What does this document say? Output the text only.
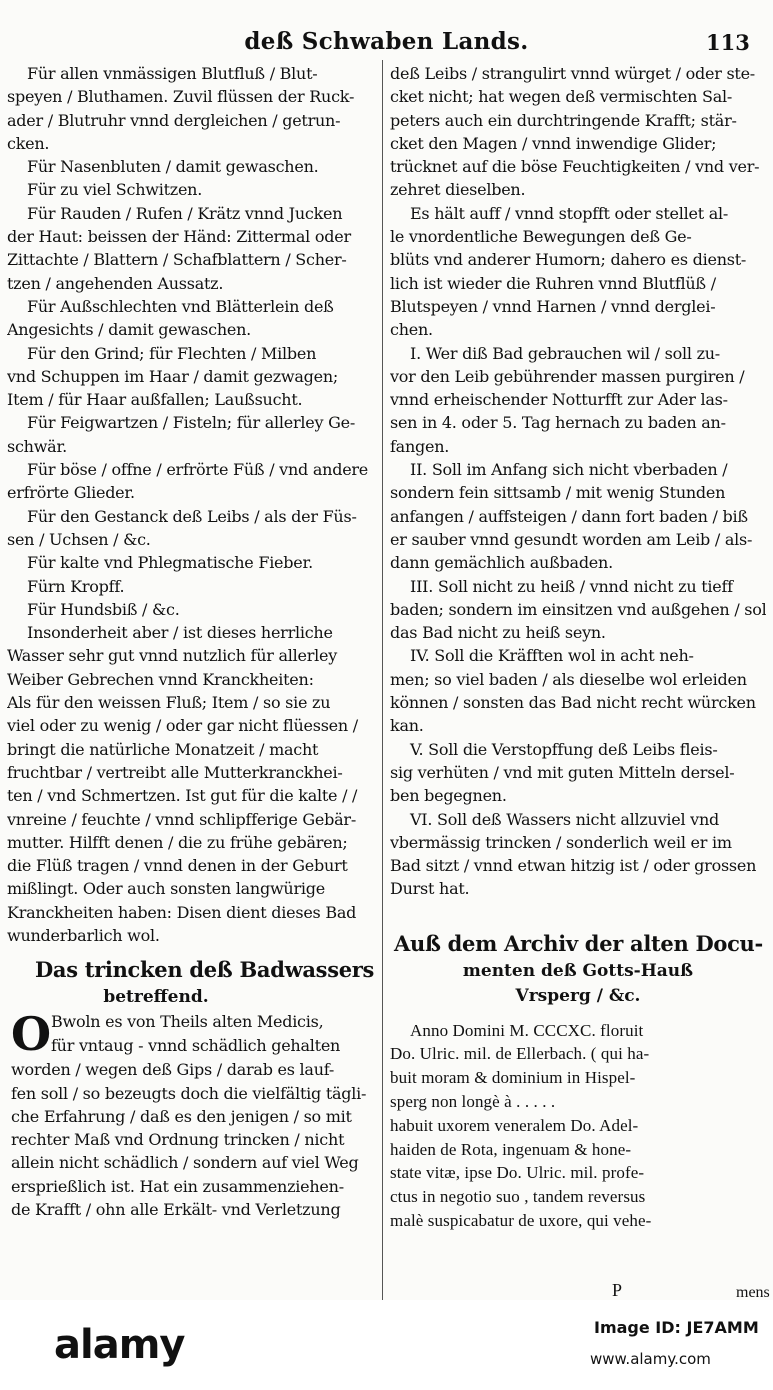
deß Schwaben Lands.	113
Für allen vnmässigen Blutfluß / Blut-
speyen / Bluthamen. Zuvil flüssen der Ruck-
ader / Blutruhr vnnd dergleichen / getrun-
cken.
Für Nasenbluten / damit gewaschen.
Für zu viel Schwitzen.
Für Rauden / Rufen / Krätz vnnd Jucken
der Haut: beissen der Händ: Zittermal oder
Zittachte / Blattern / Schafblattern / Scher-
tzen / angehenden Aussatz.
Für Außschlechten vnd Blätterlein deß
Angesichts / damit gewaschen.
Für den Grind; für Flechten / Milben
vnd Schuppen im Haar / damit gezwagen;
Item / für Haar außfallen; Laußsucht.
Für Feigwartzen / Fisteln; für allerley Ge-
schwär.
Für böse / offne / erfrörte Füß / vnd andere
erfrörte Glieder.
Für den Gestanck deß Leibs / als der Füs-
sen / Uchsen / &c.
Für kalte vnd Phlegmatische Fieber.
Fürn Kropff.
Für Hundsbiß / &c.
Insonderheit aber / ist dieses herrliche
Wasser sehr gut vnnd nutzlich für allerley
Weiber Gebrechen vnnd Kranckheiten:
Als für den weissen Fluß; Item / so sie zu
viel oder zu wenig / oder gar nicht flüessen /
bringt die natürliche Monatzeit / macht
fruchtbar / vertreibt alle Mutterkranckhei-
ten / vnd Schmertzen. Ist gut für die kalte / /
vnreine / feuchte / vnnd schlipfferige Gebär-
mutter. Hilfft denen / die zu frühe gebären;
die Flüß tragen / vnnd denen in der Geburt
mißlingt. Oder auch sonsten langwürige
Kranckheiten haben: Disen dient dieses Bad
wunderbarlich wol.
Das trincken deß Badwassers
betreffend.
O Bwoln es von Theils alten Medicis,
für vntaug - vnnd schädlich gehalten
worden / wegen deß Gips / darab es lauf-
fen soll / so bezeugts doch die vielfältig tägli-
che Erfahrung / daß es den jenigen / so mit
rechter Maß vnd Ordnung trincken / nicht
allein nicht schädlich / sondern auf viel Weg
ersprießlich ist. Hat ein zusammenziehen-
de Krafft / ohn alle Erkält- vnd Verletzung
deß Leibs / strangulirt vnnd würget / oder ste-
cket nicht; hat wegen deß vermischten Sal-
peters auch ein durchtringende Krafft; stär-
cket den Magen / vnnd inwendige Glider;
trücknet auf die böse Feuchtigkeiten / vnd ver-
zehret dieselben.
Es hält auff / vnnd stopfft oder stellet al-
le vnordentliche Bewegungen deß Ge-
blüts vnd anderer Humorn; dahero es dienst-
lich ist wieder die Ruhren vnnd Blutflüß /
Blutspeyen / vnnd Harnen / vnnd derglei-
chen.
I. Wer diß Bad gebrauchen wil / soll zu-
vor den Leib gebührender massen purgiren /
vnnd erheischender Notturfft zur Ader las-
sen in 4. oder 5. Tag hernach zu baden an-
fangen.
II. Soll im Anfang sich nicht vberbaden /
sondern fein sittsamb / mit wenig Stunden
anfangen / auffsteigen / dann fort baden / biß
er sauber vnnd gesundt worden am Leib / als-
dann gemächlich außbaden.
III. Soll nicht zu heiß / vnnd nicht zu tieff
baden; sondern im einsitzen vnd außgehen / sol
das Bad nicht zu heiß seyn.
IV. Soll die Kräfften wol in acht neh-
men; so viel baden / als dieselbe wol erleiden
können / sonsten das Bad nicht recht würcken
kan.
V. Soll die Verstopffung deß Leibs fleis-
sig verhüten / vnd mit guten Mitteln dersel-
ben begegnen.
VI. Soll deß Wassers nicht allzuviel vnd
vbermässig trincken / sonderlich weil er im
Bad sitzt / vnnd etwan hitzig ist / oder grossen
Durst hat.
Auß dem Archiv der alten Docu-
menten deß Gotts-Hauß
Vrsperg / &c.
Anno Domini M. CCCXC. floruit
Do. Ulric. mil. de Ellerbach. ( qui ha-
buit moram & dominium in Hispel-
sperg non longè à . . . . .
habuit uxorem veneralem Do. Adel-
haiden de Rota, ingenuam & hone-
state vitæ, ipse Do. Ulric. mil. profe-
ctus in negotio suo , tandem reversus
malè suspicabatur de uxore, qui vehe-
P	mens
alamy	Image ID: JE7AMM
www.alamy.com
